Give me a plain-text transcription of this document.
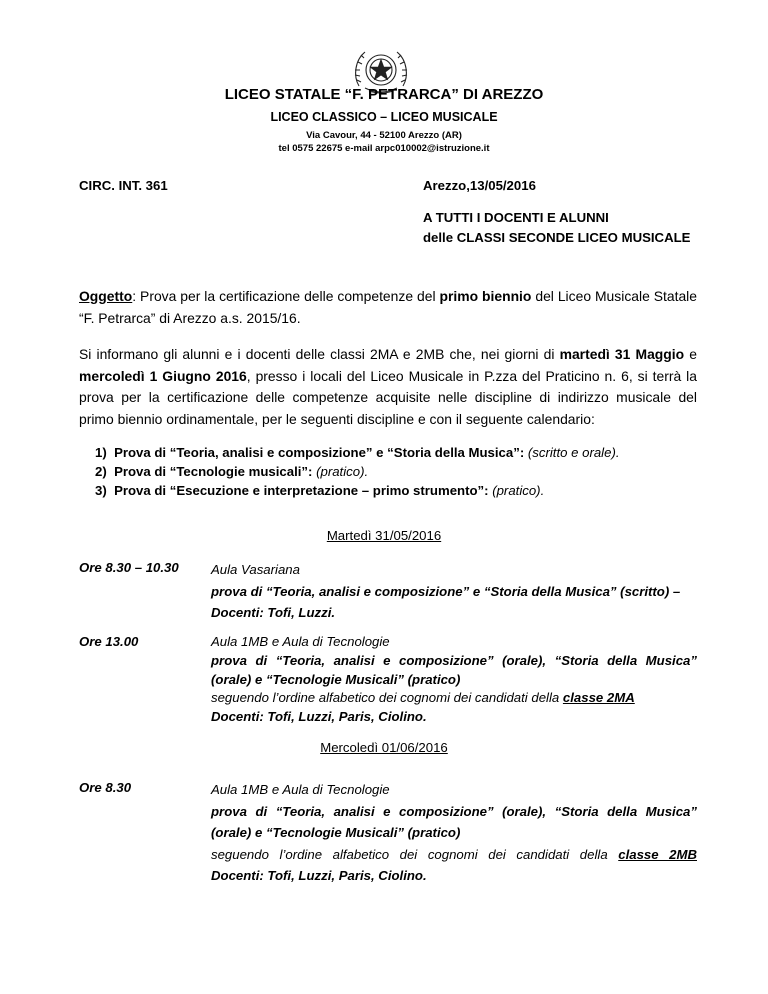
LICEO STATALE “F. PETRARCA” DI AREZZO
LICEO CLASSICO – LICEO MUSICALE
Via Cavour, 44 - 52100 Arezzo (AR)
tel 0575 22675 e-mail arpc010002@istruzione.it
CIRC. INT. 361	Arezzo,13/05/2016
A TUTTI I DOCENTI E ALUNNI
delle CLASSI SECONDE LICEO MUSICALE
Oggetto: Prova per la certificazione delle competenze del primo biennio del Liceo Musicale Statale
“F. Petrarca” di Arezzo a.s. 2015/16.
Si informano gli alunni e i docenti delle classi 2MA e 2MB che, nei giorni di martedì 31 Maggio e
mercoledì 1 Giugno 2016, presso i locali del Liceo Musicale in P.zza del Praticino n. 6, si terrà la
prova per la certificazione delle competenze acquisite nelle discipline di indirizzo musicale del
primo biennio ordinamentale, per le seguenti discipline e con il seguente calendario:
1) Prova di “Teoria, analisi e composizione” e “Storia della Musica”: (scritto e orale).
2) Prova di “Tecnologie musicali”: (pratico).
3) Prova di “Esecuzione e interpretazione – primo strumento”: (pratico).
Martedì 31/05/2016
Ore 8.30 – 10.30 Aula Vasariana
prova di “Teoria, analisi e composizione” e “Storia della Musica” (scritto) –
Docenti: Tofi, Luzzi.
Ore 13.00	Aula 1MB e Aula di Tecnologie
prova di “Teoria, analisi e composizione” (orale), “Storia della Musica”
(orale) e “Tecnologie Musicali” (pratico)
seguendo l’ordine alfabetico dei cognomi dei candidati della classe 2MA
Docenti: Tofi, Luzzi, Paris, Ciolino.
Mercoledì 01/06/2016
Ore 8.30	Aula 1MB e Aula di Tecnologie
prova di “Teoria, analisi e composizione” (orale), “Storia della Musica”
(orale) e “Tecnologie Musicali” (pratico)
seguendo l’ordine alfabetico dei cognomi dei candidati della classe 2MB
Docenti: Tofi, Luzzi, Paris, Ciolino.
